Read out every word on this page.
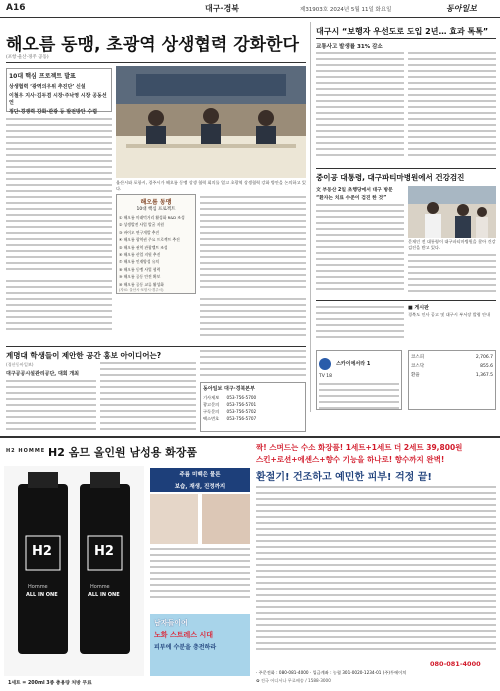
A16	대구·경북	제31903호 2024년 5월 11일 화요일	동아일보
해오름 동맹, 초광역 상생협력 강화한다
(포항·울산·경주 공동)
10대 핵심 프로젝트 발표
상생협력 ‘광역의우위 추진단’ 신설
이철우 지사·김두겸 시장·주낙영 시장 공동선언
정단·경쟁력 강화·관광 등 발전방안 수렴
울산시와 포항시, 경주시가 해오름 동맹 상생 협력 회의를 열고 초광역 상생협력 강화 방안을 논의하고 있다.
해오름 동맹
10대 핵심 프로젝트
① 해오름 미래먹거리 활성화 R&D 조성
② 상생발전 사업 발굴 지원
③ 바이오 연구개발 추진
④ 해오름 광역권 주요 프로젝트 추진
⑤ 해오름 권역 관광벨트 조성
⑥ 해오름 산업 지원 추진
⑦ 해오름 인재양성 유치
⑧ 해오름 동맹 사업 협력
⑨ 해오름 공동 안전 확보
⑩ 해오름 공동 교류 활성화
(자료: 울산시·포항시·경주시)
대구시 “보행자 우선도로 도입 2년… 효과 톡톡”
교통사고 발생률 31% 감소
중이공 대통령, 대구파티마병원에서 건강검진
文 부동산 2일 초행당에서 대구 방문
“환자는 치료 수준이 검진 한 것”
문재인 전 대통령이 대구파티마병원을 찾아 건강검진을 받고 있다.
■ 게시판
경북도 인사 공고 및 대구시 부서장 발령 안내
계명대 학생들이 제안한 공간 홍보 아이디어는?
(경산동아일보)
대구공공시설관리공단, 대회 개최
동아일보 대구·경북본부
기사제보 053-756-5700
광고문의 053-756-5701
구독문의 053-756-5702
팩스번호 053-756-5707
스카이에서라 1
TV 18
코스피	2,706.7
코스닥	855.6
환율	1,367.5
H2 HOMME H2 옴므 올인원 남성용 화장품
H2	H2
Homme	Homme
ALL IN ONE	ALL IN ONE
1세트 = 200ml 3종 총용량 처방 무료
주름 미백은 물론
보습, 재생, 진정까지
남자들이여
노화 스트레스 시대
피부에 수분을 충전하라
짝! 스며드는 수소 화장품! 1세트+1세트 더 2세트 39,800원
스킨+로션+에센스+향수 기능을 하나로! 향수까지 완벽!
환절기! 건조하고 예민한 피부! 걱정 끝!
080-081-4000
· 주문전화 : 080-081-4000 · 입금계좌 : 농협 301-0020-1234-01 (주)투에이치
✿ 전국 어디서나 무료배송 / 1588-3000
